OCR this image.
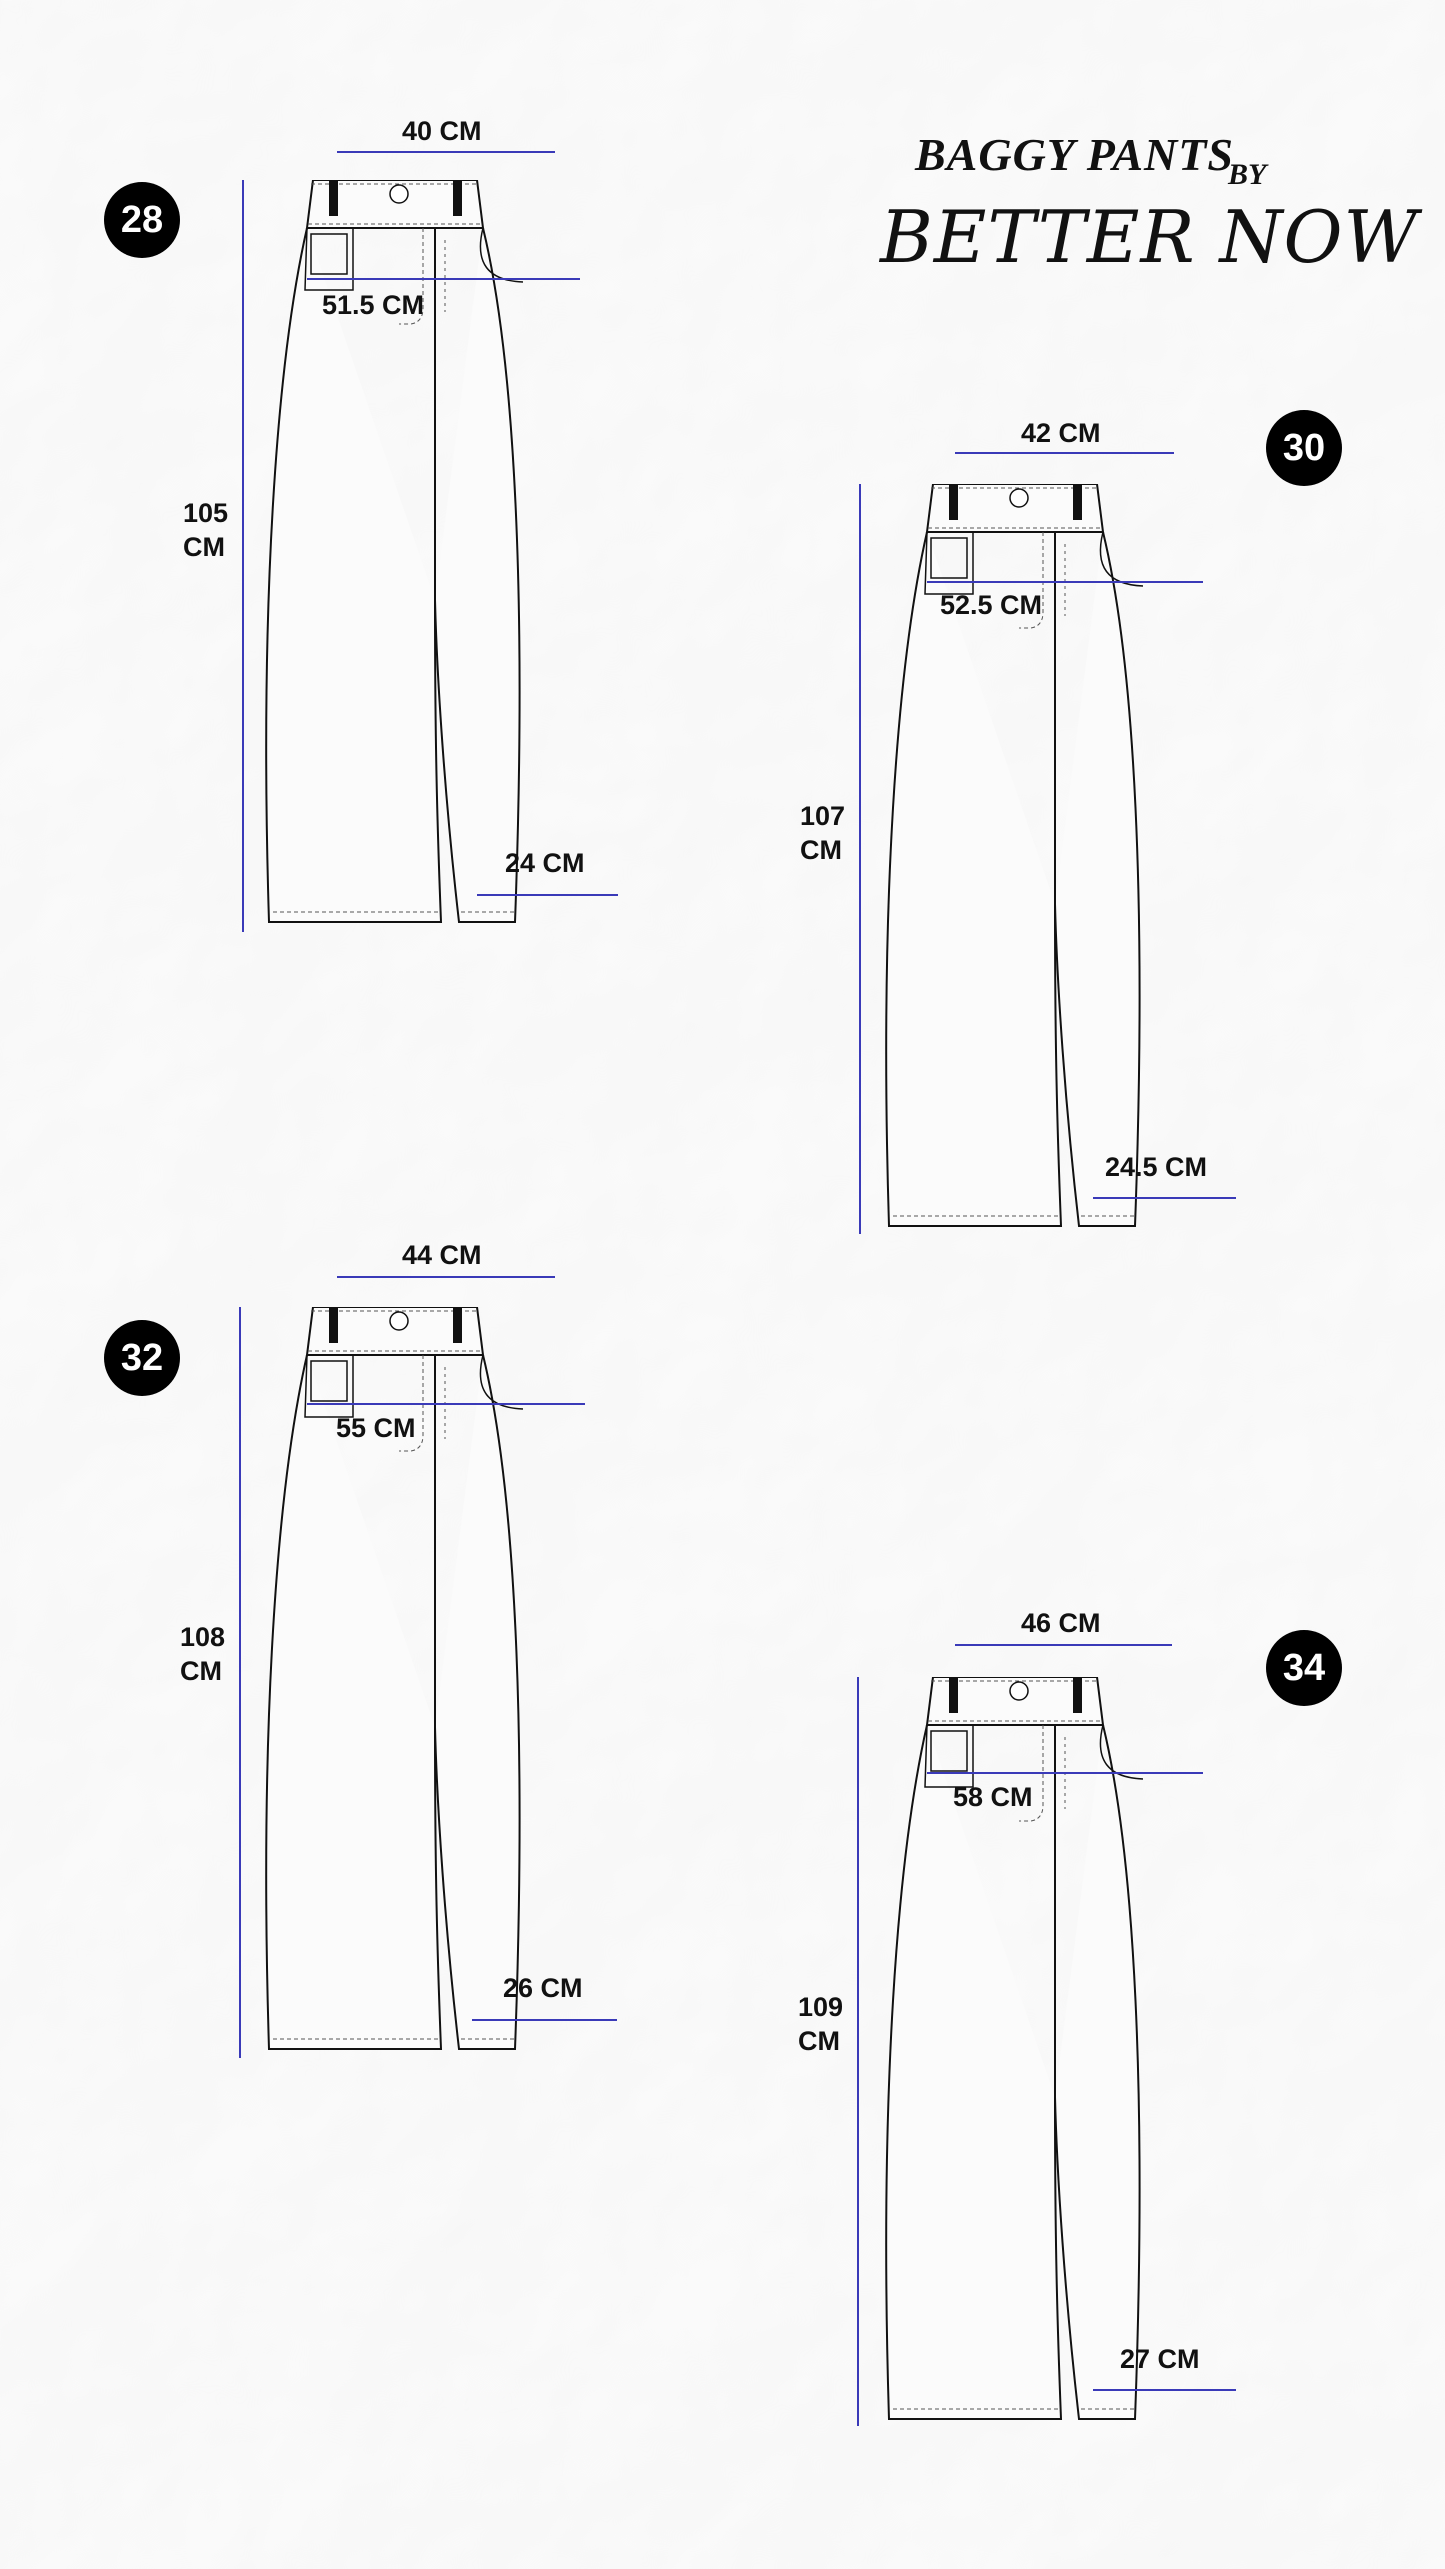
BAGGY PANTS
BY
BETTER NOW
28
40 CM
51.5 CM
105
CM
24 CM
30
42 CM
52.5 CM
107
CM
24.5 CM
32
44 CM
55 CM
108
CM
26 CM
34
46 CM
58 CM
109
CM
27 CM
